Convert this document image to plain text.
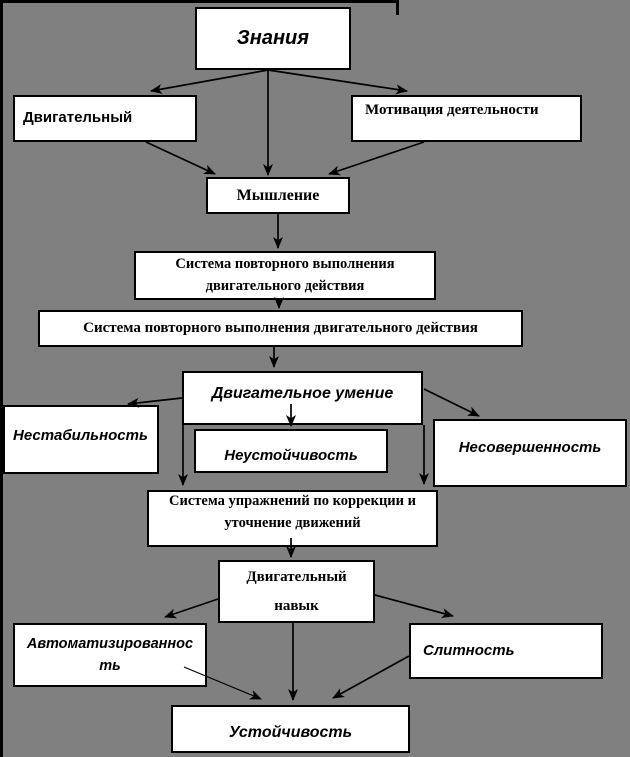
Знания
Двигательный	Мотивация деятельности
Мышление
Система повторного выполнения
двигательного действия
Система повторного выполнения двигательного действия
Двигательное умение
Нестабильность
Неустойчивость	Несовершенность
Система упражнений по коррекции и
уточнение движений
Двигательный
навык
Автоматизированнос
ть
Слитность
Устойчивость
